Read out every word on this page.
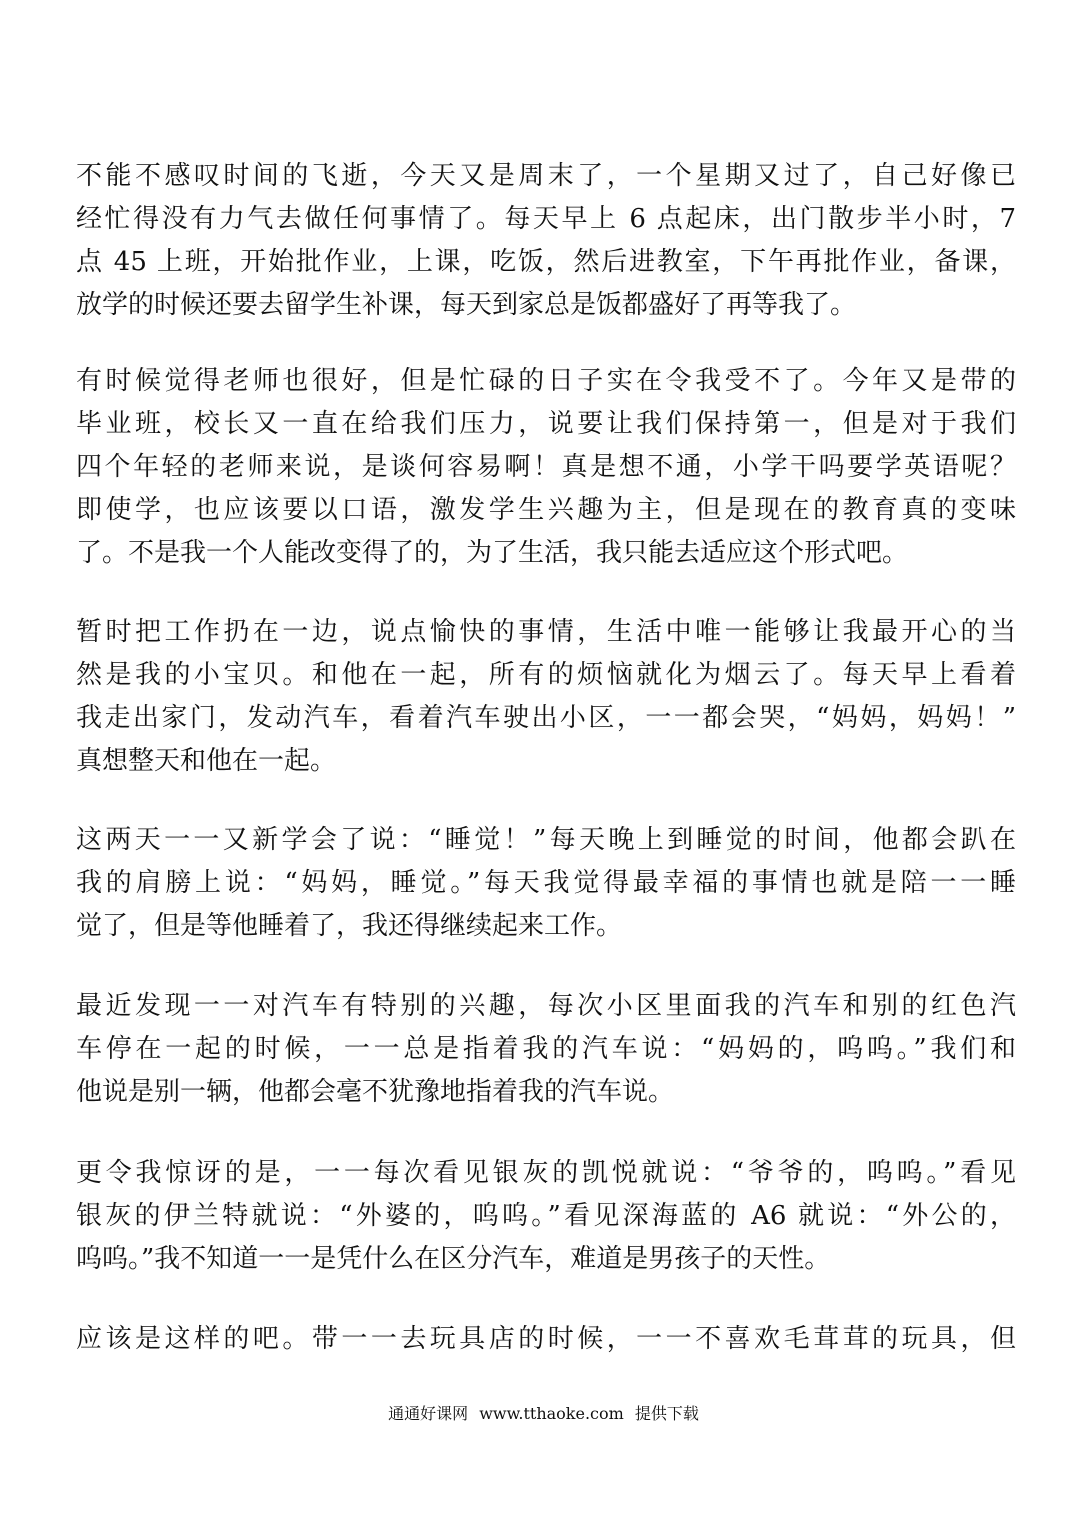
不能不感叹时间的飞逝，今天又是周末了，一个星期又过了，自己好像已
经忙得没有力气去做任何事情了。每天早上 6 点起床，出门散步半小时，7
点 45 上班，开始批作业，上课，吃饭，然后进教室，下午再批作业，备课，
放学的时候还要去留学生补课，每天到家总是饭都盛好了再等我了。
有时候觉得老师也很好，但是忙碌的日子实在令我受不了。今年又是带的
毕业班，校长又一直在给我们压力，说要让我们保持第一，但是对于我们
四个年轻的老师来说，是谈何容易啊！真是想不通，小学干吗要学英语呢？
即使学，也应该要以口语，激发学生兴趣为主，但是现在的教育真的变味
了。不是我一个人能改变得了的，为了生活，我只能去适应这个形式吧。
暂时把工作扔在一边，说点愉快的事情，生活中唯一能够让我最开心的当
然是我的小宝贝。和他在一起，所有的烦恼就化为烟云了。每天早上看着
我走出家门，发动汽车，看着汽车驶出小区，一一都会哭，“妈妈，妈妈！”
真想整天和他在一起。
这两天一一又新学会了说：“睡觉！”每天晚上到睡觉的时间，他都会趴在
我的肩膀上说：“妈妈，睡觉。”每天我觉得最幸福的事情也就是陪一一睡
觉了，但是等他睡着了，我还得继续起来工作。
最近发现一一对汽车有特别的兴趣，每次小区里面我的汽车和别的红色汽
车停在一起的时候，一一总是指着我的汽车说：“妈妈的，呜呜。”我们和
他说是别一辆，他都会毫不犹豫地指着我的汽车说。
更令我惊讶的是，一一每次看见银灰的凯悦就说：“爷爷的，呜呜。”看见
银灰的伊兰特就说：“外婆的，呜呜。”看见深海蓝的 A6 就说：“外公的，
呜呜。”我不知道一一是凭什么在区分汽车，难道是男孩子的天性。
应该是这样的吧。带一一去玩具店的时候，一一不喜欢毛茸茸的玩具，但
通通好课网 www.tthaoke.com 提供下载
